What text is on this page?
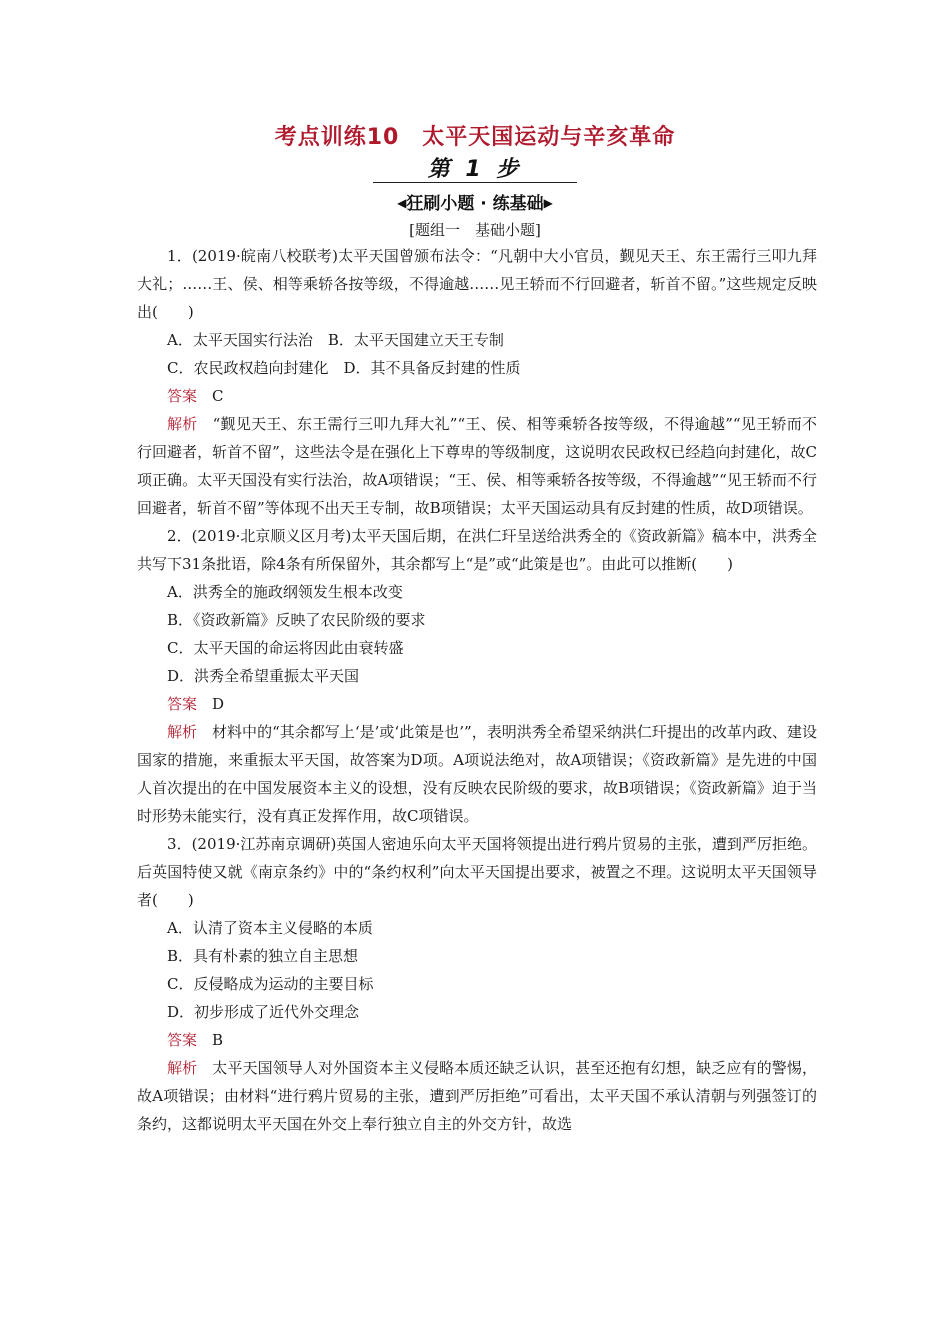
考点训练10　太平天国运动与辛亥革命
第 1 步
◀狂刷小题 · 练基础▶
[题组一　基础小题]

1．(2019·皖南八校联考)太平天国曾颁布法令：“凡朝中大小官员，觐见天王、东王需行三叩九拜大礼；……王、侯、相等乘轿各按等级，不得逾越……见王轿而不行回避者，斩首不留。”这些规定反映出(　　)

A．太平天国实行法治　B．太平天国建立天王专制

C．农民政权趋向封建化　D．其不具备反封建的性质

答案 C

解析 “觐见天王、东王需行三叩九拜大礼”“王、侯、相等乘轿各按等级，不得逾越”“见王轿而不行回避者，斩首不留”，这些法令是在强化上下尊卑的等级制度，这说明农民政权已经趋向封建化，故C项正确。太平天国没有实行法治，故A项错误；“王、侯、相等乘轿各按等级，不得逾越”“见王轿而不行回避者，斩首不留”等体现不出天王专制，故B项错误；太平天国运动具有反封建的性质，故D项错误。

2．(2019·北京顺义区月考)太平天国后期，在洪仁玕呈送给洪秀全的《资政新篇》稿本中，洪秀全共写下31条批语，除4条有所保留外，其余都写上“是”或“此策是也”。由此可以推断(　　)

A．洪秀全的施政纲领发生根本改变

B．《资政新篇》反映了农民阶级的要求

C．太平天国的命运将因此由衰转盛

D．洪秀全希望重振太平天国

答案 D

解析 材料中的“其余都写上‘是’或‘此策是也’”，表明洪秀全希望采纳洪仁玕提出的改革内政、建设国家的措施，来重振太平天国，故答案为D项。A项说法绝对，故A项错误；《资政新篇》是先进的中国人首次提出的在中国发展资本主义的设想，没有反映农民阶级的要求，故B项错误；《资政新篇》迫于当时形势未能实行，没有真正发挥作用，故C项错误。

3．(2019·江苏南京调研)英国人密迪乐向太平天国将领提出进行鸦片贸易的主张，遭到严厉拒绝。后英国特使又就《南京条约》中的“条约权利”向太平天国提出要求，被置之不理。这说明太平天国领导者(　　)

A．认清了资本主义侵略的本质

B．具有朴素的独立自主思想

C．反侵略成为运动的主要目标

D．初步形成了近代外交理念

答案 B

解析 太平天国领导人对外国资本主义侵略本质还缺乏认识，甚至还抱有幻想，缺乏应有的警惕，故A项错误；由材料“进行鸦片贸易的主张，遭到严厉拒绝”可看出，太平天国不承认清朝与列强签订的条约，这都说明太平天国在外交上奉行独立自主的外交方针，故选
